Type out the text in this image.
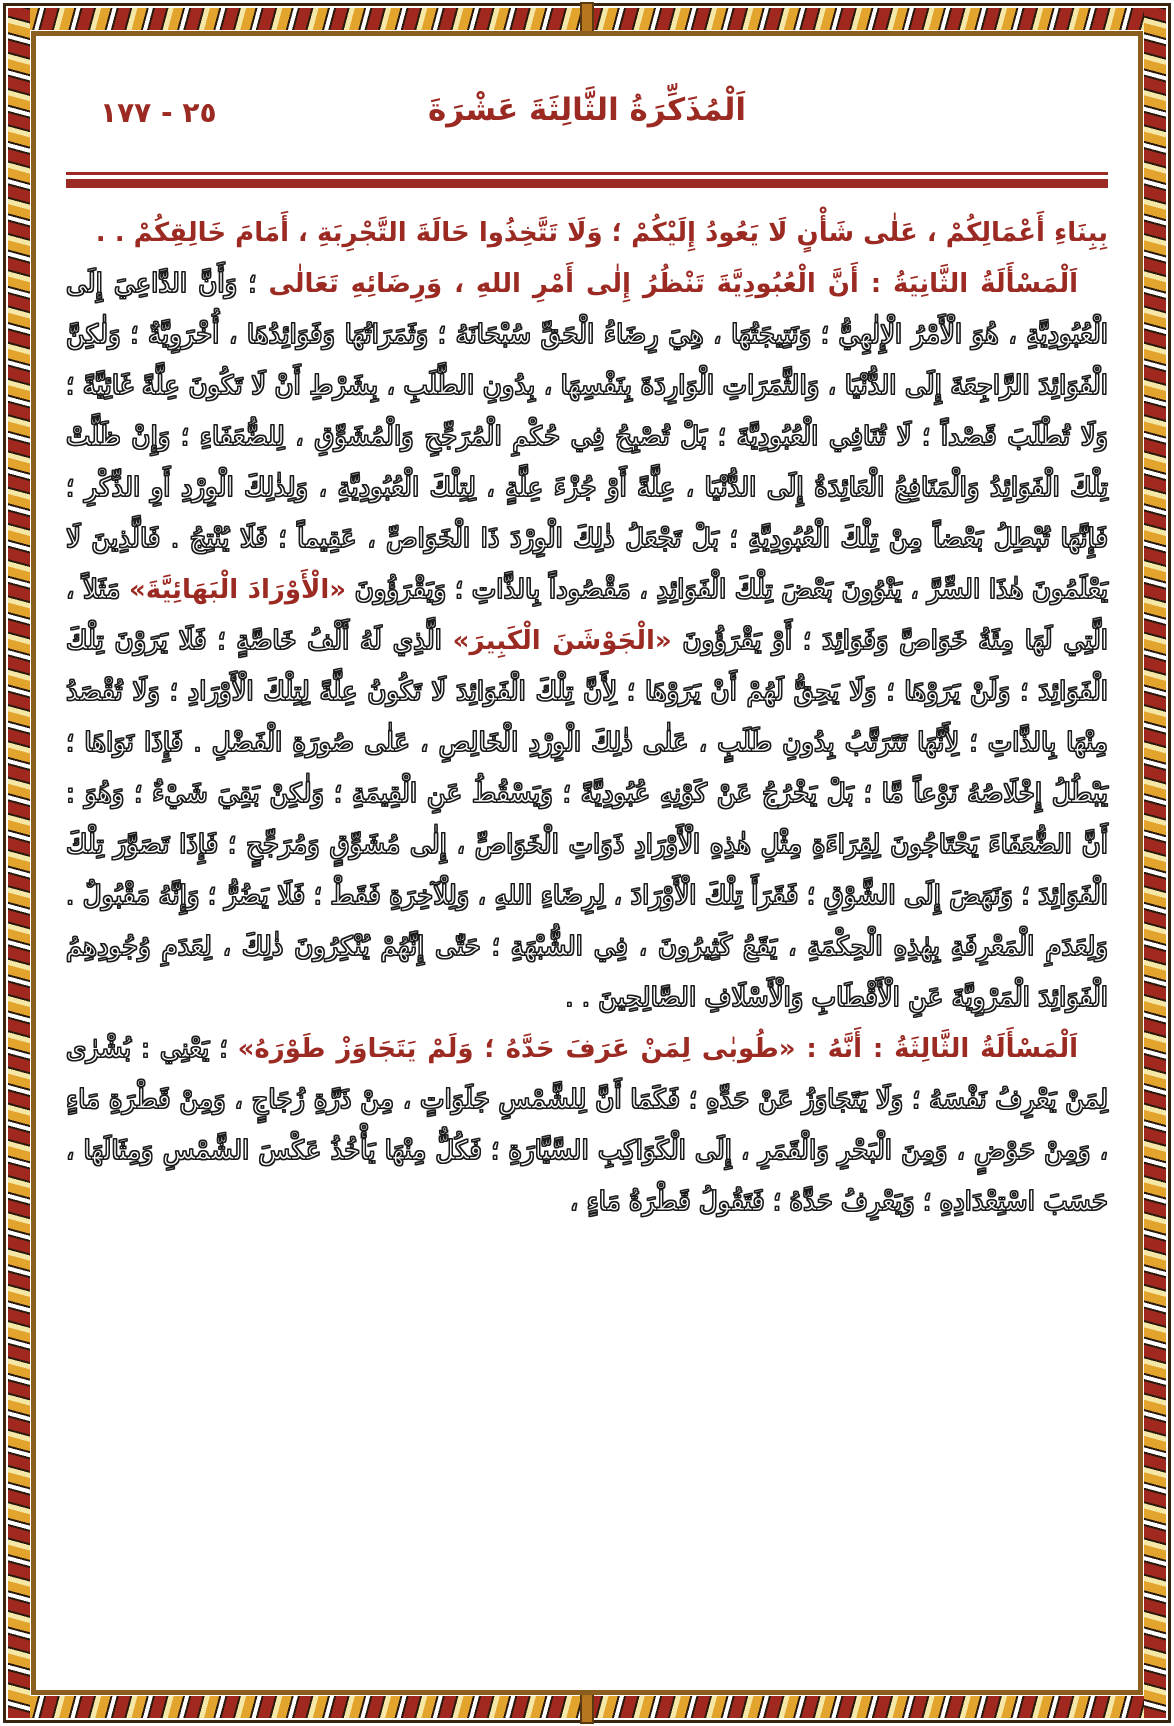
٢٥ - ١٧٧	اَلْمُذَكِّرَةُ الثَّالِثَةَ عَشْرَةَ

بِبِنَاءِ أَعْمَالِكُمْ ، عَلٰى شَأْنٍ لَا يَعُودُ إِلَيْكُمْ ؛ وَلَا تَتَّخِذُوا حَالَةَ التَّجْرِبَةِ ، أَمَامَ خَالِقِكُمْ . .

اَلْمَسْأَلَةُ الثَّانِيَةُ : أَنَّ الْعُبُودِيَّةَ تَنْظُرُ إِلٰى أَمْرِ اللهِ ، وَرِضَائِهِ تَعَالٰى ؛ وَأَنَّ الدَّاعِيَ إِلَى الْعُبُودِيَّةِ ، هُوَ الْأَمْرُ الْإِلٰهِيُّ ؛ وَنَتِيجَتُهَا ، هِيَ رِضَاءُ الْحَقِّ سُبْحَانَهُ ؛ وَثَمَرَاتُهَا وَفَوَائِدُهَا ، أُخْرَوِيَّةٌ ؛ وَلٰكِنَّ الْفَوَائِدَ الرَّاجِعَةَ إِلَى الدُّنْيَا ، وَالثَّمَرَاتِ الْوَارِدَةَ بِنَفْسِهَا ، بِدُونِ الطَّلَبِ ، بِشَرْطِ أَنْ لَا تَكُونَ عِلَّةً غَائِيَّةً ؛ وَلَا تُطْلَبَ قَصْداً ؛ لَا تُنَافِي الْعُبُودِيَّةَ ؛ بَلْ تُصْبِحُ فِي حُكْمِ الْمُرَجِّحِ وَالْمُشَوِّقِ ، لِلضُّعَفَاءِ ؛ وَإِنْ ظَلَّتْ تِلْكَ الْفَوَائِدُ وَالْمَنَافِعُ الْعَائِدَةُ إِلَى الدُّنْيَا ، عِلَّةً أَوْ جُزْءَ عِلَّةٍ ، لِتِلْكَ الْعُبُودِيَّةِ ، وَلِذٰلِكَ الْوِرْدِ أَوِ الذِّكْرِ ؛ فَإِنَّهَا تُبْطِلُ بَعْضاً مِنْ تِلْكَ الْعُبُودِيَّةِ ؛ بَلْ تَجْعَلُ ذٰلِكَ الْوِرْدَ ذَا الْخَوَاصِّ ، عَقِيماً ؛ فَلَا يُنْتِجُ . فَالَّذِينَ لَا يَعْلَمُونَ هٰذَا السِّرَّ ، يَنْوُونَ بَعْضَ تِلْكَ الْفَوَائِدِ ، مَقْصُوداً بِالذَّاتِ ؛ وَيَقْرَؤُونَ «الْأَوْرَادَ الْبَهَائِيَّةَ» مَثَلاً ، الَّتِي لَهَا مِئَةُ خَوَاصَّ وَفَوَائِدَ ؛ أَوْ يَقْرَؤُونَ «الْجَوْشَنَ الْكَبِيرَ» الَّذِي لَهُ أَلْفُ خَاصَّةٍ ؛ فَلَا يَرَوْنَ تِلْكَ الْفَوَائِدَ ؛ وَلَنْ يَرَوْهَا ؛ وَلَا يَحِقُّ لَهُمْ أَنْ يَرَوْهَا ؛ لِأَنَّ تِلْكَ الْفَوَائِدَ لَا تَكُونُ عِلَّةً لِتِلْكَ الْأَوْرَادِ ؛ وَلَا تُقْصَدُ مِنْهَا بِالذَّاتِ ؛ لِأَنَّهَا تَتَرَتَّبُ بِدُونِ طَلَبٍ ، عَلٰى ذٰلِكَ الْوِرْدِ الْخَالِصِ ، عَلٰى صُورَةِ الْفَضْلِ . فَإِذَا نَوَاهَا ؛ يَبْطُلُ إِخْلَاصُهُ نَوْعاً مَّا ؛ بَلْ يَخْرُجُ عَنْ كَوْنِهِ عُبُودِيَّةً ؛ وَيَسْقُطُ عَنِ الْقِيمَةِ ؛ وَلٰكِنْ بَقِيَ شَيْءٌ ؛ وَهُوَ : أَنَّ الضُّعَفَاءَ يَحْتَاجُونَ لِقِرَاءَةِ مِثْلِ هٰذِهِ الْأَوْرَادِ ذَوَاتِ الْخَوَاصِّ ، إِلٰى مُشَوِّقٍ وَمُرَجِّحٍ ؛ فَإِذَا تَصَوَّرَ تِلْكَ الْفَوَائِدَ ؛ وَنَهَضَ إِلَى الشَّوْقِ ؛ فَقَرَأَ تِلْكَ الْأَوْرَادَ ، لِرِضَاءِ اللهِ ، وَلِلْآخِرَةِ فَقَطْ ؛ فَلَا يَضُرُّ ؛ وَإِنَّهُ مَقْبُولٌ . وَلِعَدَمِ الْمَعْرِفَةِ بِهٰذِهِ الْحِكْمَةِ ، يَقَعُ كَثِيرُونَ ، فِي الشُّبْهَةِ ؛ حَتّٰى إِنَّهُمْ يُنْكِرُونَ ذٰلِكَ ، لِعَدَمِ وُجُودِهِمُ الْفَوَائِدَ الْمَرْوِيَّةَ عَنِ الْأَقْطَابِ وَالْأَسْلَافِ الصَّالِحِينَ . .

اَلْمَسْأَلَةُ الثَّالِثَةُ : أَنَّهُ : «طُوبٰى لِمَنْ عَرَفَ حَدَّهُ ؛ وَلَمْ يَتَجَاوَزْ طَوْرَهُ» ؛ يَعْنِي : بُشْرٰى لِمَنْ يَعْرِفُ نَفْسَهُ ؛ وَلَا يَتَجَاوَزُ عَنْ حَدِّهِ ؛ فَكَمَا أَنَّ لِلشَّمْسِ جَلَوَاتٍ ، مِنْ ذَرَّةِ زُجَاجٍ ، وَمِنْ قَطْرَةِ مَاءٍ ، وَمِنْ حَوْضٍ ، وَمِنَ الْبَحْرِ وَالْقَمَرِ ، إِلَى الْكَوَاكِبِ السَّيَّارَةِ ؛ فَكُلٌّ مِنْهَا يَأْخُذُ عَكْسَ الشَّمْسِ وَمِثَالَهَا ، حَسَبَ اسْتِعْدَادِهِ ؛ وَيَعْرِفُ حَدَّهُ ؛ فَتَقُولُ قَطْرَةُ مَاءٍ ،
